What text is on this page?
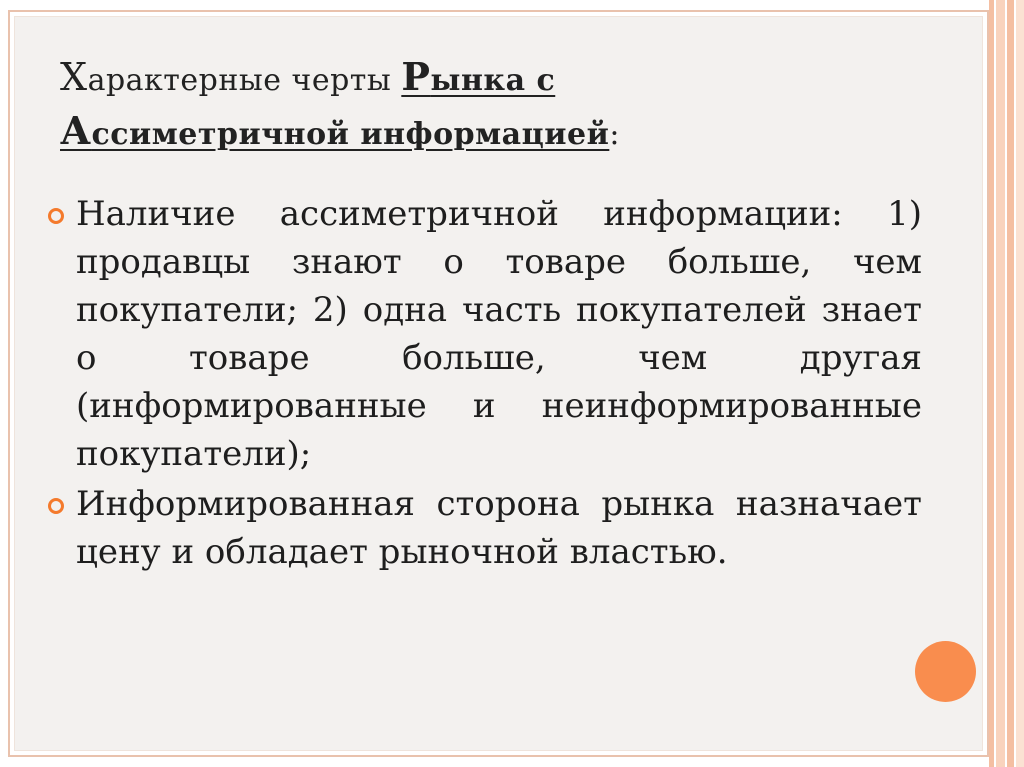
Характерные черты Рынка с
Ассиметричной информацией:
Наличие ассиметричной информации: 1) продавцы знают о товаре больше, чем покупатели; 2) одна часть покупателей знает о товаре больше, чем другая (информированные и неинформированные покупатели);
Информированная сторона рынка назначает цену и обладает рыночной властью.
